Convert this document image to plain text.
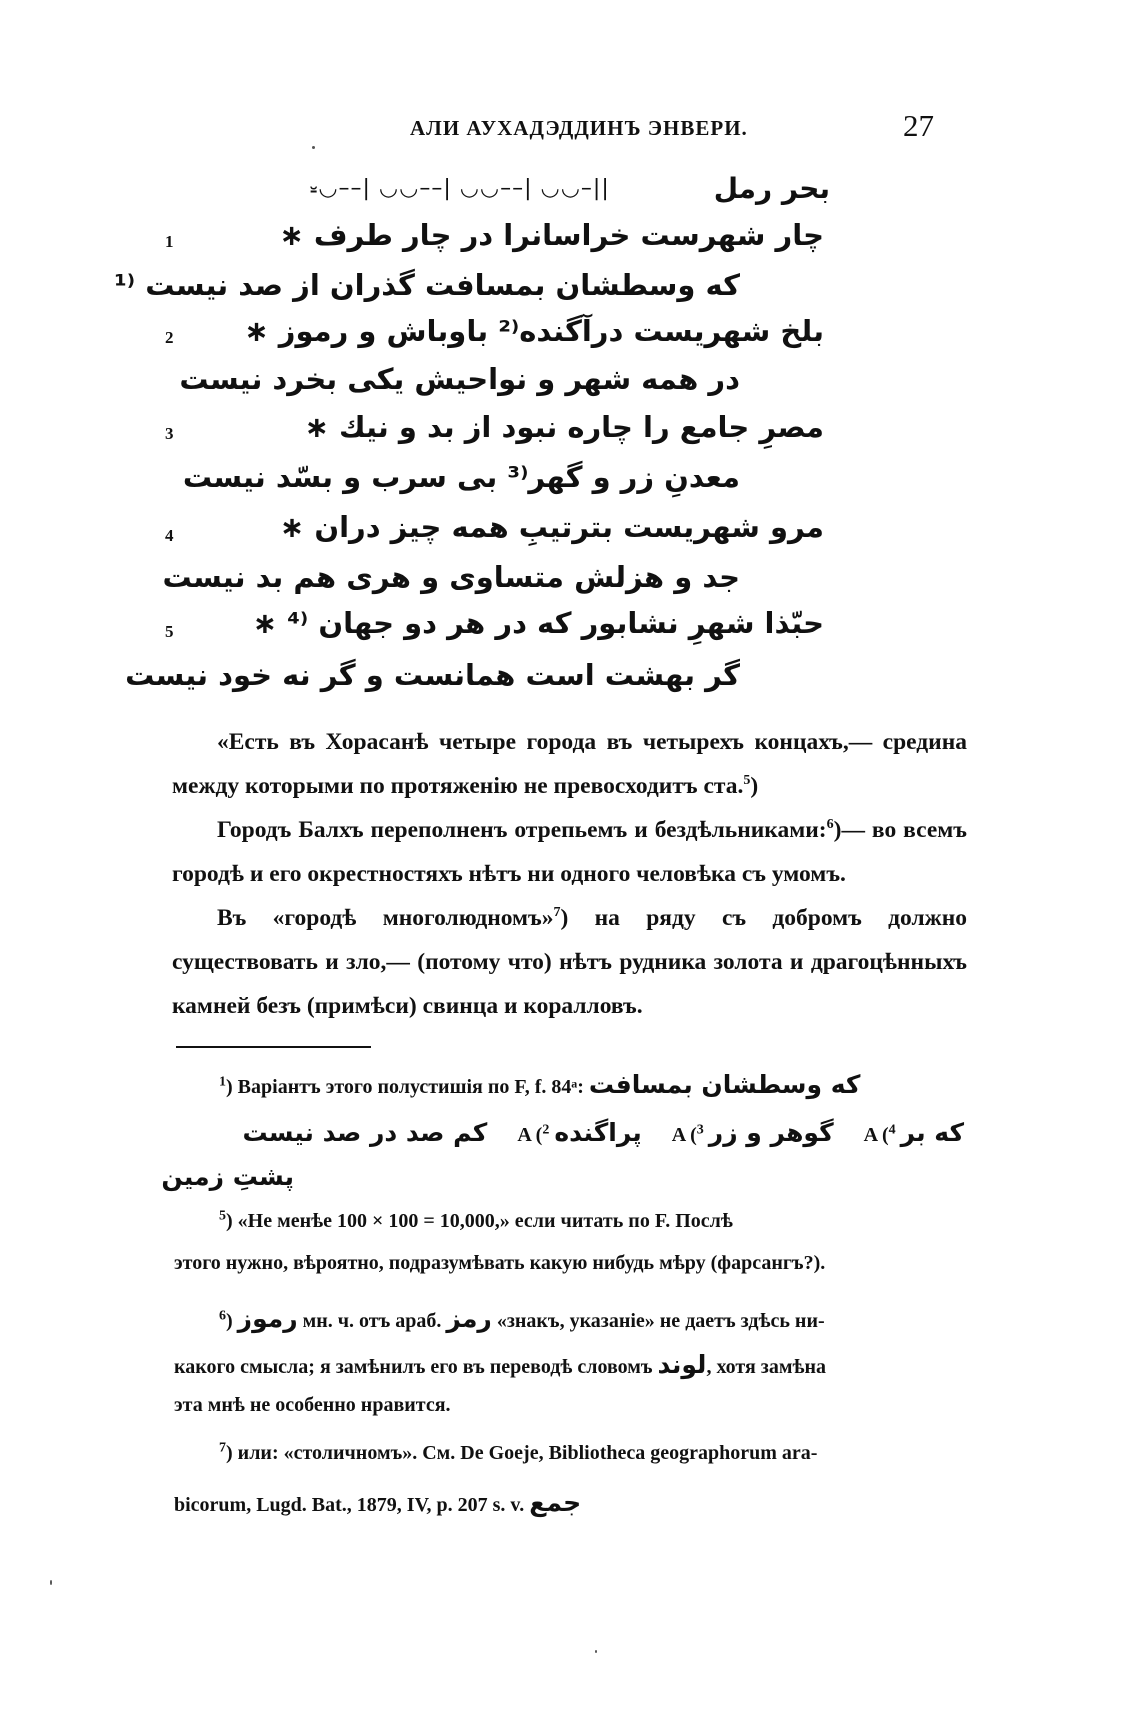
АЛИ АУХАДЭДДИНЪ ЭНВЕРИ.	27
⏓◡––| ◡◡––| ◡◡––| ◡◡–||	بحر رمل
1	چار شهرست خراسانرا در چار طرف ∗
که وسطشان بمسافت گذران از صد نیست ⁽¹
2 بلخ شهریست درآگنده⁽² باوباش و رموز ∗
در همه شهر و نواحیش یکی بخرد نیست
3	مصرِ جامع را چاره نبود از بد و نیك ∗
معدنِ زر و گهر⁽³ بی سرب و بسّد نیست
4	مرو شهریست بترتیبِ همه چیز دران ∗
جد و هزلش متساوی و هری هم بد نیست
5	حبّذا شهرِ نشابور که در هر دو جهان ⁽⁴ ∗
گر بهشت است همانست و گر نه خود نیست

«Есть въ Хорасанѣ четыре города въ четырехъ концахъ,— средина между которыми по протяженію не превосходитъ ста.$^5$)

Городъ Балхъ переполненъ отрепьемъ и бездѣльниками:$^6$)— во всемъ городѣ и его окрестностяхъ нѣтъ ни одного человѣка съ умомъ.

Въ «городѣ многолюдномъ»$^7$) на ряду съ добромъ должно существовать и зло,— (потому что) нѣтъ рудника золота и драгоцѣнныхъ камней безъ (примѣси) свинца и коралловъ.

$^1$) Варіантъ этого полустишія по F, f. 84ᵃ: که وسطشان بمسافت
که بر A ($^4$      گوهر و زر A ($^3$      پراگنده A ($^2$      کم صد در صد نیست
پشتِ زمین
$^5$) «Не менѣе 100 × 100 = 10,000,» если читать по F. Послѣ
этого нужно, вѣроятно, подразумѣвать какую нибудь мѣру (фарсангъ?).
$^6$) رموز мн. ч. отъ араб. رمز «знакъ, указаніе» не даетъ здѣсь ни-
какого смысла; я замѣнилъ его въ переводѣ словомъ لوند, хотя замѣна
эта мнѣ не особенно нравится.
$^7$) или: «столичномъ». См. De Goeje, Bibliotheca geographorum ara-
bicorum, Lugd. Bat., 1879, IV, p. 207 s. v. جمع
